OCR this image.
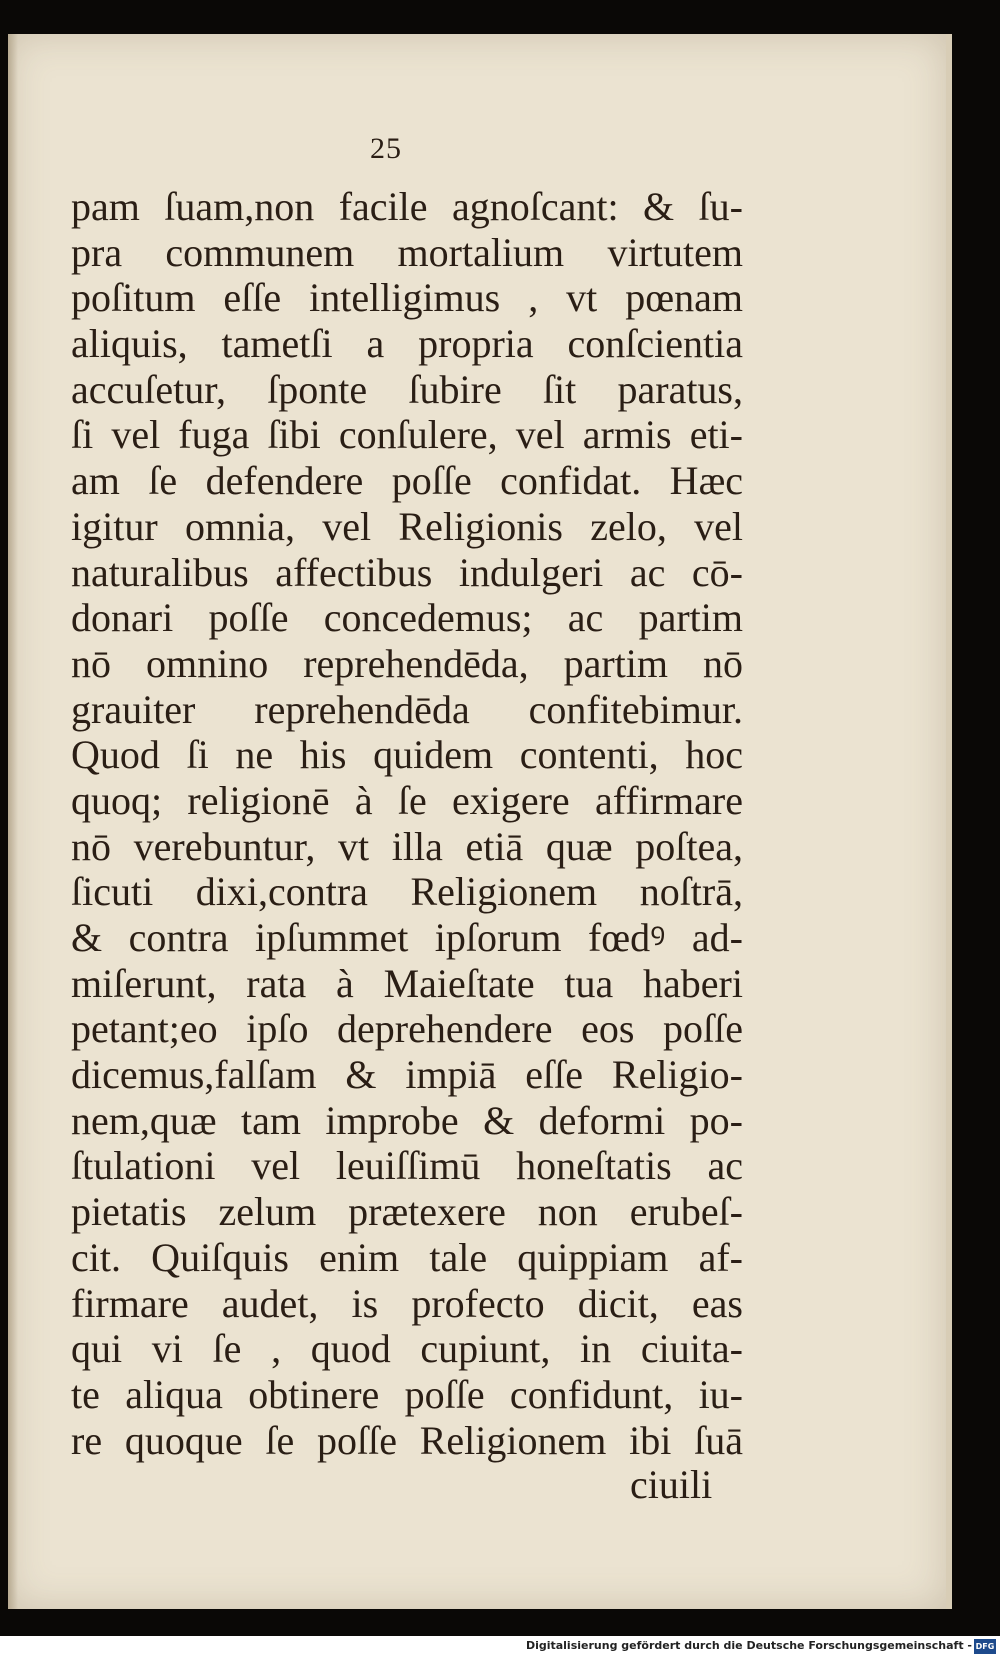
25
pam ſuam,non facile agnoſcant: & ſu-
pra communem mortalium virtutem
poſitum eſſe intelligimus , vt pœnam
aliquis, tametſi a propria conſcientia
accuſetur, ſponte ſubire ſit paratus,
ſi vel fuga ſibi conſulere, vel armis eti-
am ſe defendere poſſe confidat. Hæc
igitur omnia, vel Religionis zelo, vel
naturalibus affectibus indulgeri ac cō-
donari poſſe concedemus; ac partim
nō omnino reprehendēda, partim nō
grauiter reprehendēda confitebimur.
Quod ſi ne his quidem contenti, hoc
quoq; religionē à ſe exigere affirmare
nō verebuntur, vt illa etiā quæ poſtea,
ſicuti dixi,contra Religionem noſtrā,
& contra ipſummet ipſorum fœdꝰ ad-
miſerunt, rata à Maieſtate tua haberi
petant;eo ipſo deprehendere eos poſſe
dicemus,falſam & impiā eſſe Religio-
nem,quæ tam improbe & deformi po-
ſtulationi vel leuiſſimū honeſtatis ac
pietatis zelum prætexere non erubeſ-
cit. Quiſquis enim tale quippiam af-
firmare audet, is profecto dicit, eas
qui vi ſe , quod cupiunt, in ciuita-
te aliqua obtinere poſſe confidunt, iu-
re quoque ſe poſſe Religionem ibi ſuā
ciuili
Digitalisierung gefördert durch die Deutsche Forschungsgemeinschaft - DFG
